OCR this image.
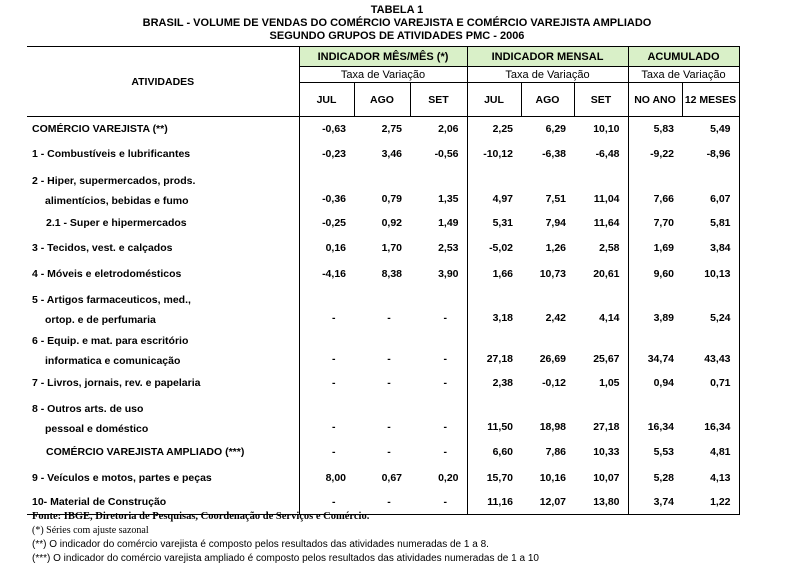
TABELA 1
BRASIL - VOLUME DE VENDAS DO COMÉRCIO VAREJISTA E COMÉRCIO VAREJISTA AMPLIADO
SEGUNDO GRUPOS DE ATIVIDADES PMC - 2006
ATIVIDADES	INDICADOR MÊS/MÊS (*)			INDICADOR MENSAL			ACUMULADO	
	Taxa de Variação			Taxa de Variação			Taxa de Variação	
	JUL	AGO	SET	JUL	AGO	SET	NO ANO	12 MESES
COMÉRCIO VAREJISTA (**)	-0,63	2,75	2,06	2,25	6,29	10,10	5,83	5,49
1 - Combustíveis e lubrificantes	-0,23	3,46	-0,56	-10,12	-6,38	-6,48	-9,22	-8,96

2 - Hiper, supermercados, prods.
alimentícios, bebidas e fumo	-0,36	0,79	1,35	4,97	7,51	11,04	7,66	6,07
2.1 - Super e hipermercados	-0,25	0,92	1,49	5,31	7,94	11,64	7,70	5,81
3 - Tecidos, vest. e calçados	0,16	1,70	2,53	-5,02	1,26	2,58	1,69	3,84
4 - Móveis e eletrodomésticos	-4,16	8,38	3,90	1,66	10,73	20,61	9,60	10,13

5 - Artigos farmaceuticos, med.,
ortop. e de perfumaria	-	-	-	3,18	2,42	4,14	3,89	5,24

6 - Equip. e mat. para escritório
informatica e comunicação	-	-	-	27,18	26,69	25,67	34,74	43,43
7 - Livros, jornais, rev. e papelaria	-	-	-	2,38	-0,12	1,05	0,94	0,71

8 - Outros arts. de uso
pessoal e doméstico	-	-	-	11,50	18,98	27,18	16,34	16,34
COMÉRCIO VAREJISTA AMPLIADO (***)	-	-	-	6,60	7,86	10,33	5,53	4,81
9 - Veículos e motos, partes e peças	8,00	0,67	0,20	15,70	10,16	10,07	5,28	4,13
10- Material de Construção	-	-	-	11,16	12,07	13,80	3,74	1,22
Fonte: IBGE, Diretoria de Pesquisas, Coordenação de Serviços e Comércio.
(*) Séries com ajuste sazonal
(**) O indicador do comércio varejista é composto pelos resultados das atividades numeradas de 1 a 8.
(***) O indicador do comércio varejista ampliado é composto pelos resultados das atividades numeradas de 1 a 10
